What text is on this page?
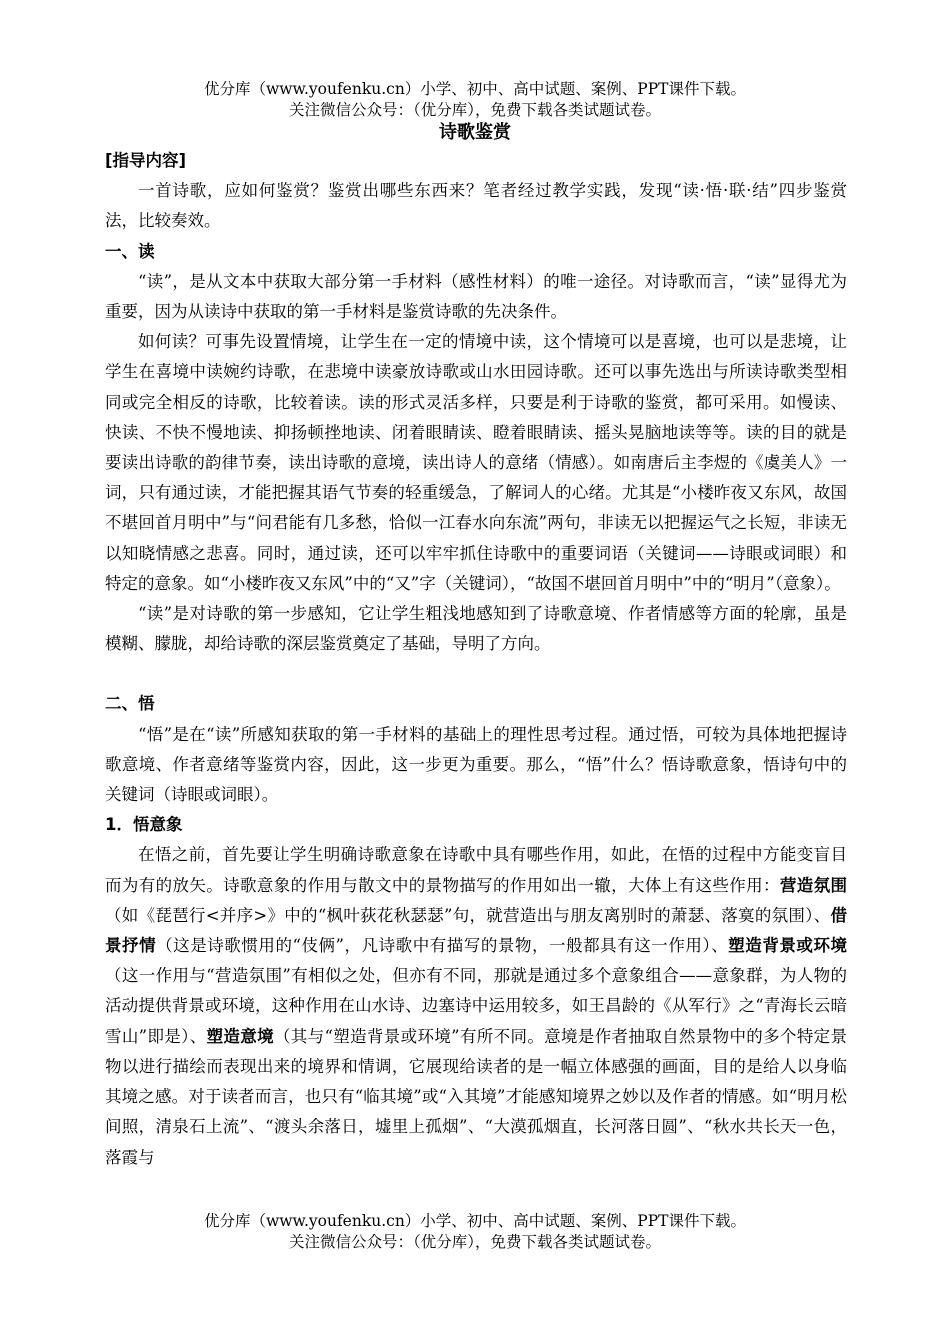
优分库（www.youfenku.cn）小学、初中、高中试题、案例、PPT课件下载。
关注微信公众号：（优分库），免费下载各类试题试卷。
诗歌鉴赏

[指导内容]

一首诗歌，应如何鉴赏？鉴赏出哪些东西来？笔者经过教学实践，发现“读·悟·联·结”四步鉴赏法，比较奏效。

一、读

“读”，是从文本中获取大部分第一手材料（感性材料）的唯一途径。对诗歌而言，“读”显得尤为重要，因为从读诗中获取的第一手材料是鉴赏诗歌的先决条件。

如何读？可事先设置情境，让学生在一定的情境中读，这个情境可以是喜境，也可以是悲境，让学生在喜境中读婉约诗歌，在悲境中读豪放诗歌或山水田园诗歌。还可以事先选出与所读诗歌类型相同或完全相反的诗歌，比较着读。读的形式灵活多样，只要是利于诗歌的鉴赏，都可采用。如慢读、快读、不快不慢地读、抑扬顿挫地读、闭着眼睛读、瞪着眼睛读、摇头晃脑地读等等。读的目的就是要读出诗歌的韵律节奏，读出诗歌的意境，读出诗人的意绪（情感）。如南唐后主李煜的《虞美人》一词，只有通过读，才能把握其语气节奏的轻重缓急，了解词人的心绪。尤其是“小楼昨夜又东风，故国不堪回首月明中”与“问君能有几多愁，恰似一江春水向东流”两句，非读无以把握运气之长短，非读无以知晓情感之悲喜。同时，通过读，还可以牢牢抓住诗歌中的重要词语（关键词——诗眼或词眼）和特定的意象。如“小楼昨夜又东风”中的“又”字（关键词），“故国不堪回首月明中”中的“明月”（意象）。

“读”是对诗歌的第一步感知，它让学生粗浅地感知到了诗歌意境、作者情感等方面的轮廓，虽是模糊、朦胧，却给诗歌的深层鉴赏奠定了基础，导明了方向。

二、悟

“悟”是在“读”所感知获取的第一手材料的基础上的理性思考过程。通过悟，可较为具体地把握诗歌意境、作者意绪等鉴赏内容，因此，这一步更为重要。那么，“悟”什么？悟诗歌意象，悟诗句中的关键词（诗眼或词眼）。

1．悟意象

在悟之前，首先要让学生明确诗歌意象在诗歌中具有哪些作用，如此，在悟的过程中方能变盲目而为有的放矢。诗歌意象的作用与散文中的景物描写的作用如出一辙，大体上有这些作用：营造氛围（如《琵琶行<并序>》中的“枫叶荻花秋瑟瑟”句，就营造出与朋友离别时的萧瑟、落寞的氛围）、借景抒情（这是诗歌惯用的“伎俩”，凡诗歌中有描写的景物，一般都具有这一作用）、塑造背景或环境（这一作用与“营造氛围”有相似之处，但亦有不同，那就是通过多个意象组合——意象群，为人物的活动提供背景或环境，这种作用在山水诗、边塞诗中运用较多，如王昌龄的《从军行》之“青海长云暗雪山”即是）、塑造意境（其与“塑造背景或环境”有所不同。意境是作者抽取自然景物中的多个特定景物以进行描绘而表现出来的境界和情调，它展现给读者的是一幅立体感强的画面，目的是给人以身临其境之感。对于读者而言，也只有“临其境”或“入其境”才能感知境界之妙以及作者的情感。如“明月松间照，清泉石上流”、“渡头余落日，墟里上孤烟”、“大漠孤烟直，长河落日圆”、“秋水共长天一色，落霞与

优分库（www.youfenku.cn）小学、初中、高中试题、案例、PPT课件下载。
关注微信公众号：（优分库），免费下载各类试题试卷。
